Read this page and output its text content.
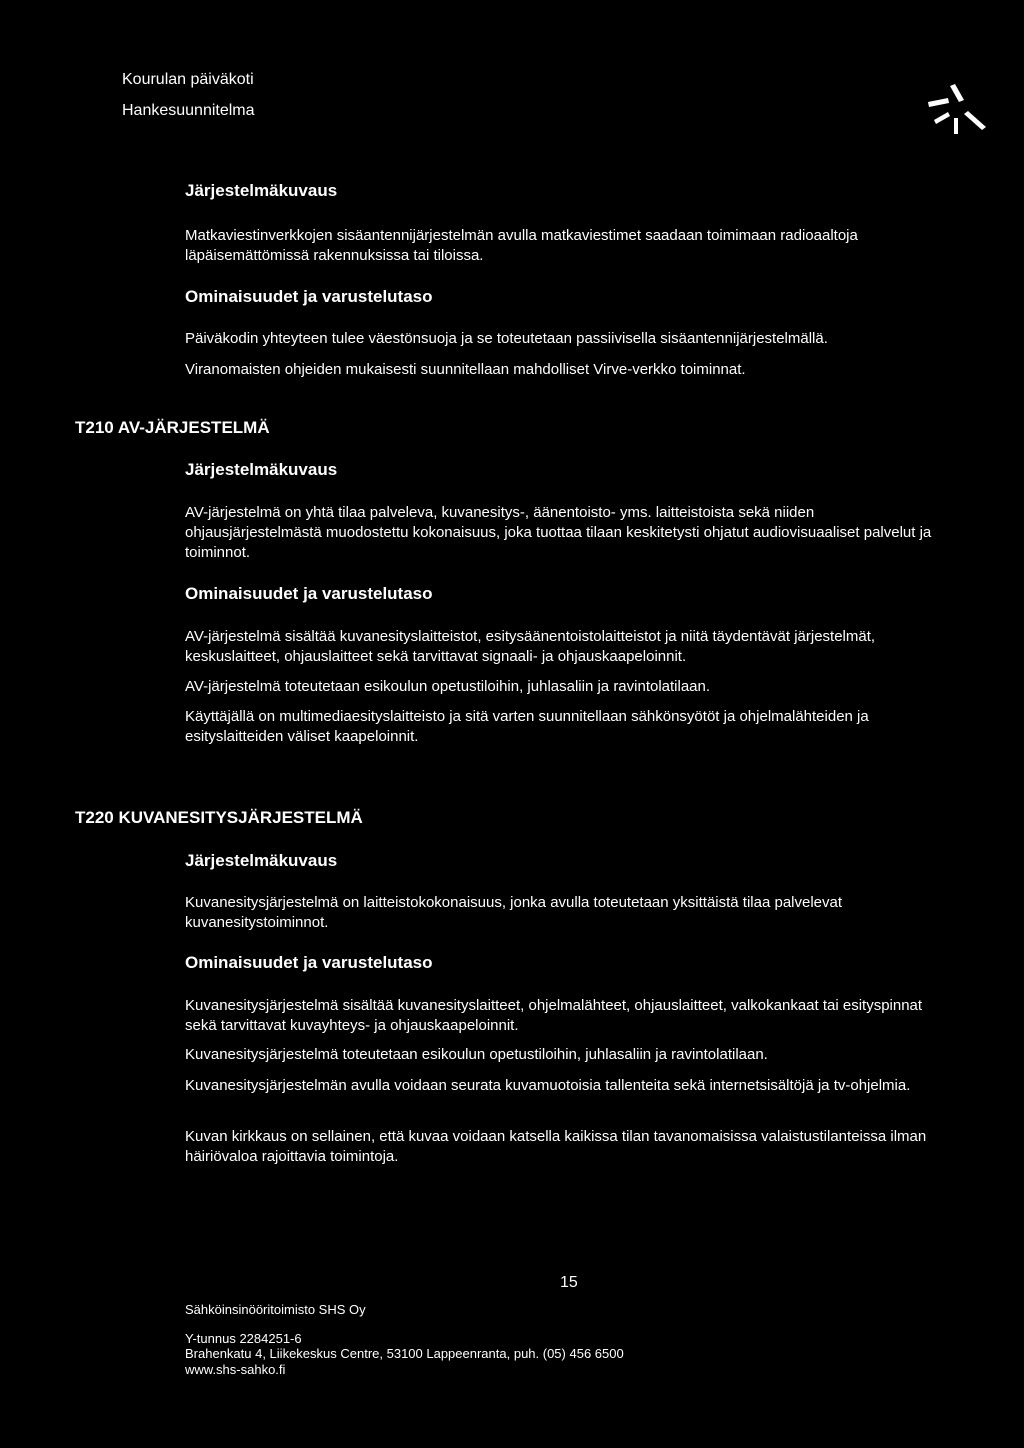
Kourulan päiväkoti
Hankesuunnitelma
Järjestelmäkuvaus

Matkaviestinverkkojen sisäantennijärjestelmän avulla matkaviestimet saadaan toimimaan radioaaltoja läpäisemättömissä rakennuksissa tai tiloissa.

Ominaisuudet ja varustelutaso

Päiväkodin yhteyteen tulee väestönsuoja ja se toteutetaan passiivisella sisäantennijärjestelmällä.

Viranomaisten ohjeiden mukaisesti suunnitellaan mahdolliset Virve-verkko toiminnat.

T210 AV-JÄRJESTELMÄ
Järjestelmäkuvaus

AV-järjestelmä on yhtä tilaa palveleva, kuvanesitys-, äänentoisto- yms. laitteistoista sekä niiden ohjausjärjestelmästä muodostettu kokonaisuus, joka tuottaa tilaan keskitetysti ohjatut audiovisuaaliset palvelut ja toiminnot.

Ominaisuudet ja varustelutaso

AV-järjestelmä sisältää kuvanesityslaitteistot, esitysäänentoistolaitteistot ja niitä täydentävät järjestelmät, keskuslaitteet, ohjauslaitteet sekä tarvittavat signaali- ja ohjauskaapeloinnit.

AV-järjestelmä toteutetaan esikoulun opetustiloihin, juhlasaliin ja ravintolatilaan.

Käyttäjällä on multimediaesityslaitteisto ja sitä varten suunnitellaan sähkönsyötöt ja ohjelmalähteiden ja esityslaitteiden väliset kaapeloinnit.

T220 KUVANESITYSJÄRJESTELMÄ
Järjestelmäkuvaus

Kuvanesitysjärjestelmä on laitteistokokonaisuus, jonka avulla toteutetaan yksittäistä tilaa palvelevat kuvanesitystoiminnot.

Ominaisuudet ja varustelutaso

Kuvanesitysjärjestelmä sisältää kuvanesityslaitteet, ohjelmalähteet, ohjauslaitteet, valkokankaat tai esityspinnat sekä tarvittavat kuvayhteys- ja ohjauskaapeloinnit.

Kuvanesitysjärjestelmä toteutetaan esikoulun opetustiloihin, juhlasaliin ja ravintolatilaan.

Kuvanesitysjärjestelmän avulla voidaan seurata kuvamuotoisia tallenteita sekä internetsisältöjä ja tv-ohjelmia.

Kuvan kirkkaus on sellainen, että kuvaa voidaan katsella kaikissa tilan tavanomaisissa valaistustilanteissa ilman häiriövaloa rajoittavia toimintoja.

15
Sähköinsinööritoimisto SHS Oy
Y-tunnus 2284251-6
Brahenkatu 4, Liikekeskus Centre, 53100 Lappeenranta, puh. (05) 456 6500
www.shs-sahko.fi
